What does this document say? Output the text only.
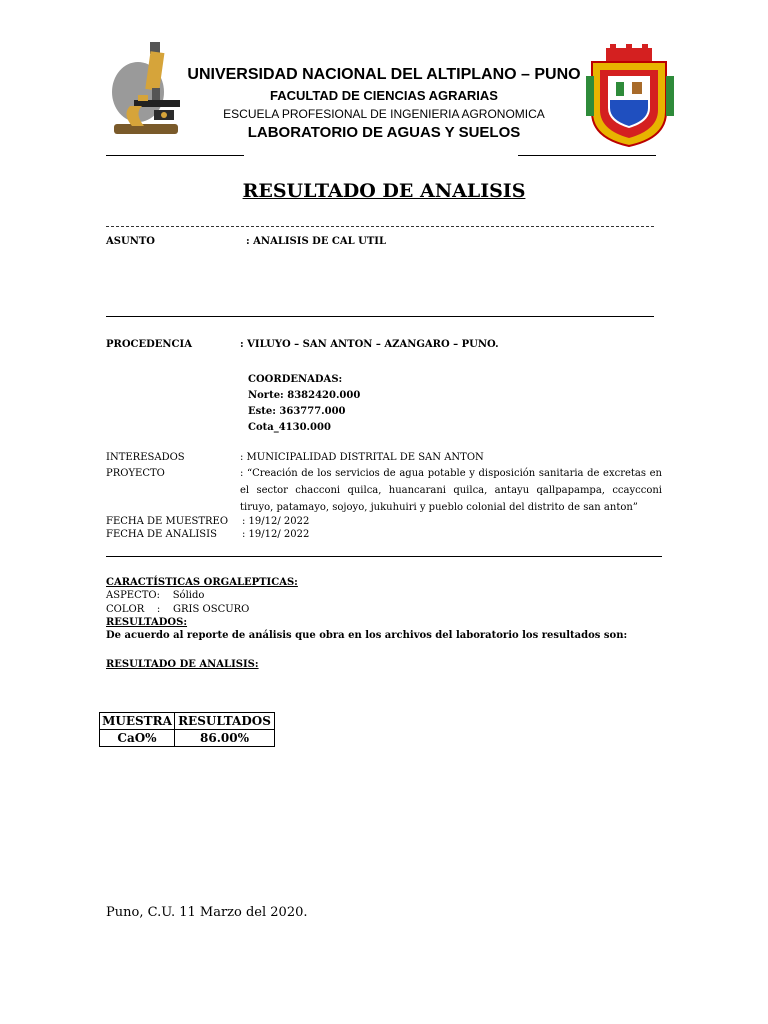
UNIVERSIDAD NACIONAL DEL ALTIPLANO – PUNO
FACULTAD DE CIENCIAS AGRARIAS
ESCUELA PROFESIONAL DE INGENIERIA AGRONOMICA
LABORATORIO DE AGUAS Y SUELOS
RESULTADO DE ANALISIS
ASUNTO	: ANALISIS DE CAL UTIL
PROCEDENCIA	: VILUYO – SAN ANTON – AZANGARO – PUNO.
COORDENADAS:
Norte: 8382420.000
Este: 363777.000
Cota_4130.000
INTERESADOS	: MUNICIPALIDAD DISTRITAL DE SAN ANTON
PROYECTO	: “Creación de los servicios de agua potable y disposición sanitaria de excretas en el sector chacconi quilca, huancarani quilca, antayu qallpapampa, ccaycconi tiruyo, patamayo, sojoyo, jukuhuiri y pueblo colonial del distrito de san anton”
FECHA DE MUESTREO : 19/12/ 2022
FECHA DE ANALISIS	: 19/12/ 2022
CARACTÍSTICAS ORGALEPTICAS:
ASPECTO:    Sólido
COLOR    :    GRIS OSCURO
RESULTADOS:
De acuerdo al reporte de análisis que obra en los archivos del laboratorio los resultados son:
RESULTADO DE ANALISIS:
MUESTRA	RESULTADOS
CaO%	86.00%
Puno, C.U. 11 Marzo del 2020.
